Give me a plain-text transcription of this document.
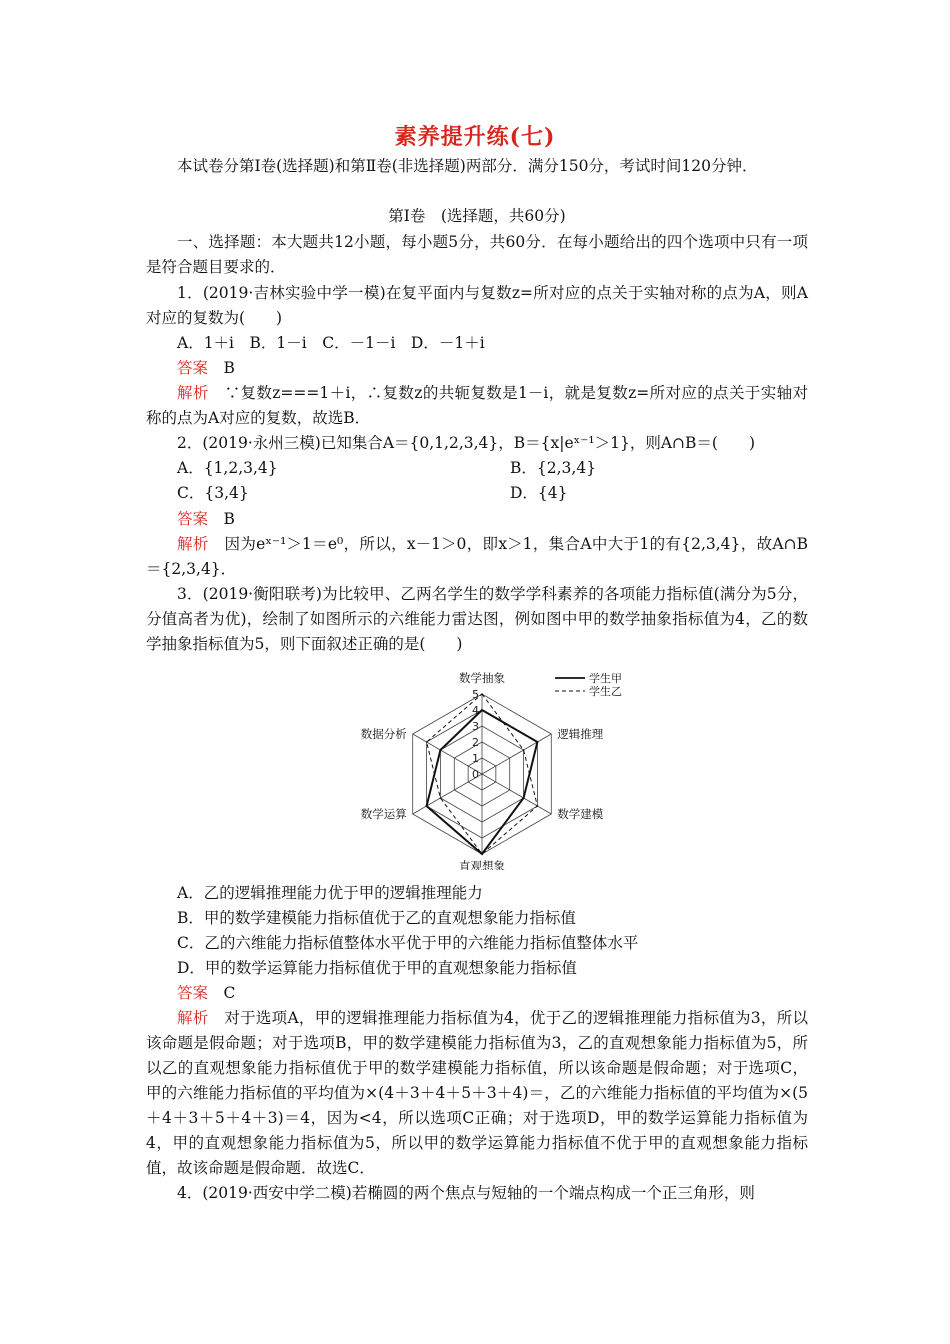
素养提升练(七)
本试卷分第Ⅰ卷(选择题)和第Ⅱ卷(非选择题)两部分．满分150分，考试时间120分钟．
第Ⅰ卷　(选择题，共60分)
一、选择题：本大题共12小题，每小题5分，共60分．在每小题给出的四个选项中只有一项是符合题目要求的．
1．(2019·吉林实验中学一模)在复平面内与复数z=所对应的点关于实轴对称的点为A，则A对应的复数为(　　)
A．1＋i　B．1－i　C．－1－i　D．－1＋i
答案　 B
解析　 ∵复数z===1＋i，∴复数z的共轭复数是1－i，就是复数z=所对应的点关于实轴对称的点为A对应的复数，故选B．
2．(2019·永州三模)已知集合A＝{0,1,2,3,4}，B＝{x|eˣ⁻¹＞1}，则A∩B＝(　　)
A．{1,2,3,4}	B．{2,3,4}
C．{3,4}	D．{4}
答案　 B
解析　 因为eˣ⁻¹＞1＝e⁰，所以，x－1＞0，即x＞1，集合A中大于1的有{2,3,4}，故A∩B＝{2,3,4}．
3．(2019·衡阳联考)为比较甲、乙两名学生的数学学科素养的各项能力指标值(满分为5分，分值高者为优)，绘制了如图所示的六维能力雷达图，例如图中甲的数学抽象指标值为4，乙的数学抽象指标值为5，则下面叙述正确的是(　　)
0
1
2
3
4
5
数学抽象
逻辑推理
数学建模
直观想象
数学运算
数据分析
学生甲
学生乙
A．乙的逻辑推理能力优于甲的逻辑推理能力
B．甲的数学建模能力指标值优于乙的直观想象能力指标值
C．乙的六维能力指标值整体水平优于甲的六维能力指标值整体水平
D．甲的数学运算能力指标值优于甲的直观想象能力指标值
答案　 C
解析　 对于选项A，甲的逻辑推理能力指标值为4，优于乙的逻辑推理能力指标值为3，所以该命题是假命题；对于选项B，甲的数学建模能力指标值为3，乙的直观想象能力指标值为5，所以乙的直观想象能力指标值优于甲的数学建模能力指标值，所以该命题是假命题；对于选项C，甲的六维能力指标值的平均值为×(4＋3＋4＋5＋3＋4)＝，乙的六维能力指标值的平均值为×(5＋4＋3＋5＋4＋3)＝4，因为<4，所以选项C正确；对于选项D，甲的数学运算能力指标值为4，甲的直观想象能力指标值为5，所以甲的数学运算能力指标值不优于甲的直观想象能力指标值，故该命题是假命题．故选C．
4．(2019·西安中学二模)若椭圆的两个焦点与短轴的一个端点构成一个正三角形，则
